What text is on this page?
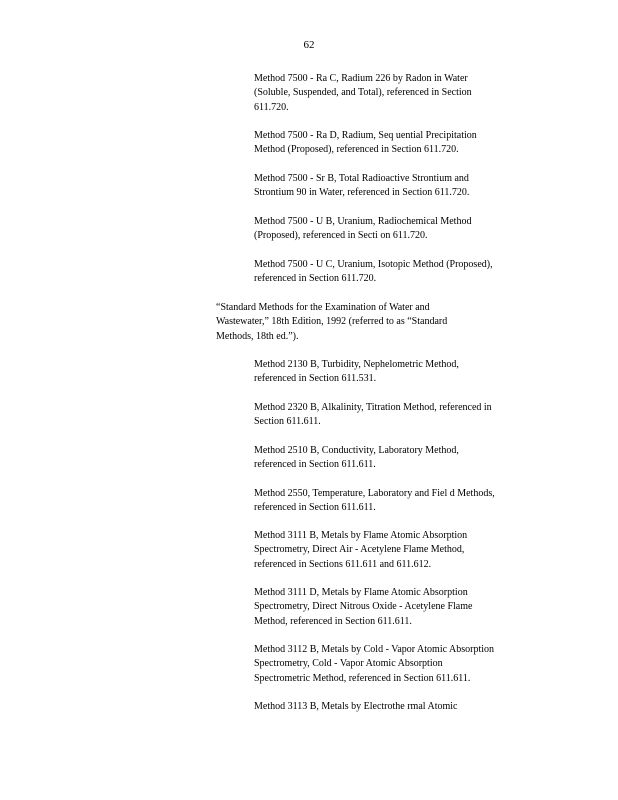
62
Method 7500 - Ra C, Radium 226 by Radon in Water
(Soluble, Suspended, and Total), referenced in Section
611.720.
Method 7500 - Ra D, Radium, Seq uential Precipitation
Method (Proposed), referenced in Section 611.720.
Method 7500 - Sr B, Total Radioactive Strontium and
Strontium 90 in Water, referenced in Section 611.720.
Method 7500 - U B, Uranium, Radiochemical Method
(Proposed), referenced in Secti on 611.720.
Method 7500 - U C, Uranium, Isotopic Method (Proposed),
referenced in Section 611.720.
“Standard Methods for the Examination of Water and
Wastewater,” 18th Edition, 1992 (referred to as “Standard
Methods, 18th ed.”).
Method 2130 B, Turbidity, Nephelometric Method,
referenced in Section 611.531.
Method 2320 B, Alkalinity, Titration Method, referenced in
Section 611.611.
Method 2510 B, Conductivity, Laboratory Method,
referenced in Section 611.611.
Method 2550, Temperature, Laboratory and Fiel d Methods,
referenced in Section 611.611.
Method 3111 B, Metals by Flame Atomic Absorption
Spectrometry, Direct Air - Acetylene Flame Method,
referenced in Sections 611.611 and 611.612.
Method 3111 D, Metals by Flame Atomic Absorption
Spectrometry, Direct Nitrous Oxide - Acetylene Flame
Method, referenced in Section 611.611.
Method 3112 B, Metals by Cold - Vapor Atomic Absorption
Spectrometry, Cold - Vapor Atomic Absorption
Spectrometric Method, referenced in Section 611.611.
Method 3113 B, Metals by Electrothe rmal Atomic
